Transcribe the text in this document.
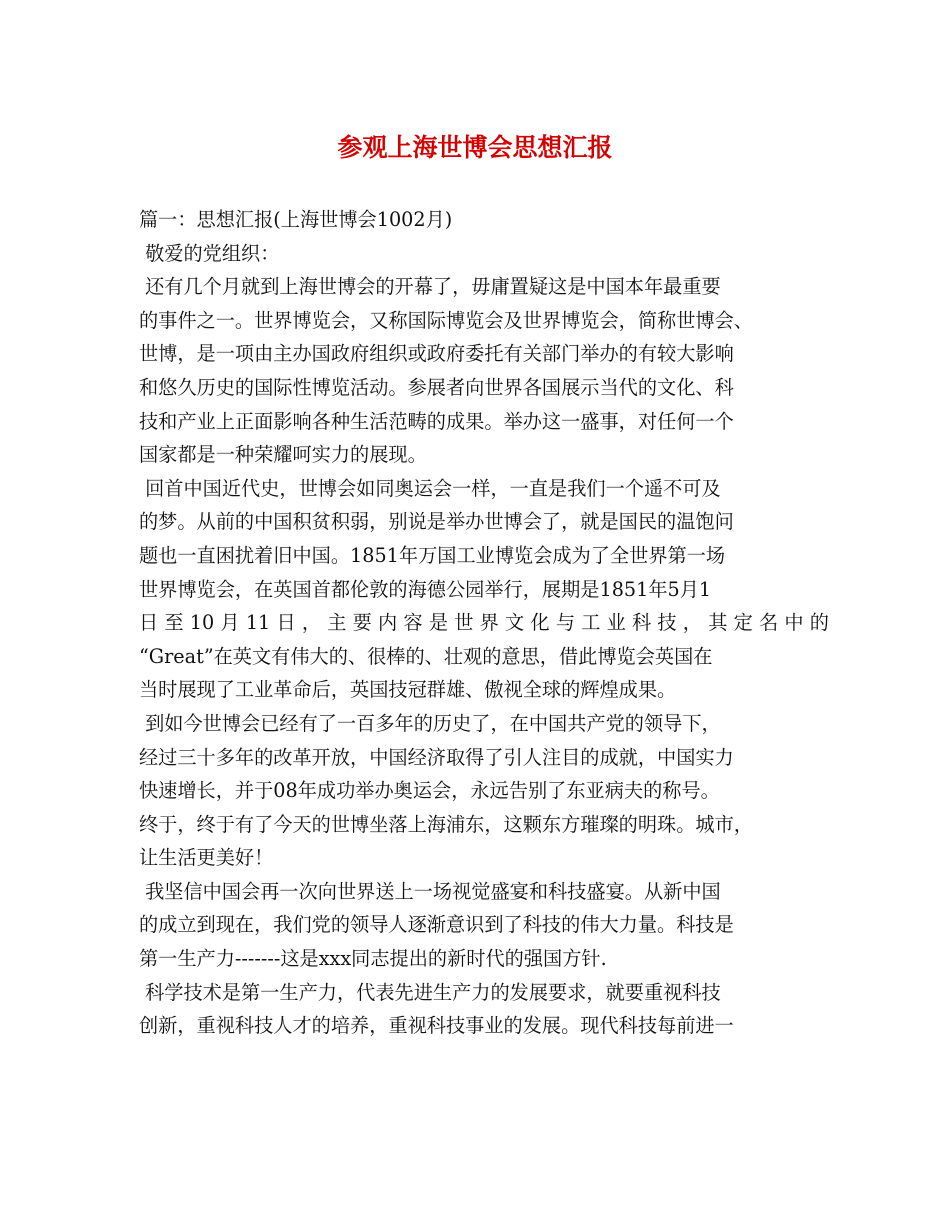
参观上海世博会思想汇报
篇一：思想汇报(上海世博会1002月)
敬爱的党组织：
还有几个月就到上海世博会的开幕了，毋庸置疑这是中国本年最重要
的事件之一。世界博览会，又称国际博览会及世界博览会，简称世博会、
世博，是一项由主办国政府组织或政府委托有关部门举办的有较大影响
和悠久历史的国际性博览活动。参展者向世界各国展示当代的文化、科
技和产业上正面影响各种生活范畴的成果。举办这一盛事，对任何一个
国家都是一种荣耀呵实力的展现。
回首中国近代史，世博会如同奥运会一样，一直是我们一个遥不可及
的梦。从前的中国积贫积弱，别说是举办世博会了，就是国民的温饱问
题也一直困扰着旧中国。1851年万国工业博览会成为了全世界第一场
世界博览会，在英国首都伦敦的海德公园举行，展期是1851年5月1
日至10月11日，主要内容是世界文化与工业科技，其定名中的
“Great”在英文有伟大的、很棒的、壮观的意思，借此博览会英国在
当时展现了工业革命后，英国技冠群雄、傲视全球的辉煌成果。
到如今世博会已经有了一百多年的历史了，在中国共产党的领导下，
经过三十多年的改革开放，中国经济取得了引人注目的成就，中国实力
快速增长，并于08年成功举办奥运会，永远告别了东亚病夫的称号。
终于，终于有了今天的世博坐落上海浦东，这颗东方璀璨的明珠。城市，
让生活更美好！
我坚信中国会再一次向世界送上一场视觉盛宴和科技盛宴。从新中国
的成立到现在，我们党的领导人逐渐意识到了科技的伟大力量。科技是
第一生产力-------这是xxx同志提出的新时代的强国方针.
科学技术是第一生产力，代表先进生产力的发展要求，就要重视科技
创新，重视科技人才的培养，重视科技事业的发展。现代科技每前进一
